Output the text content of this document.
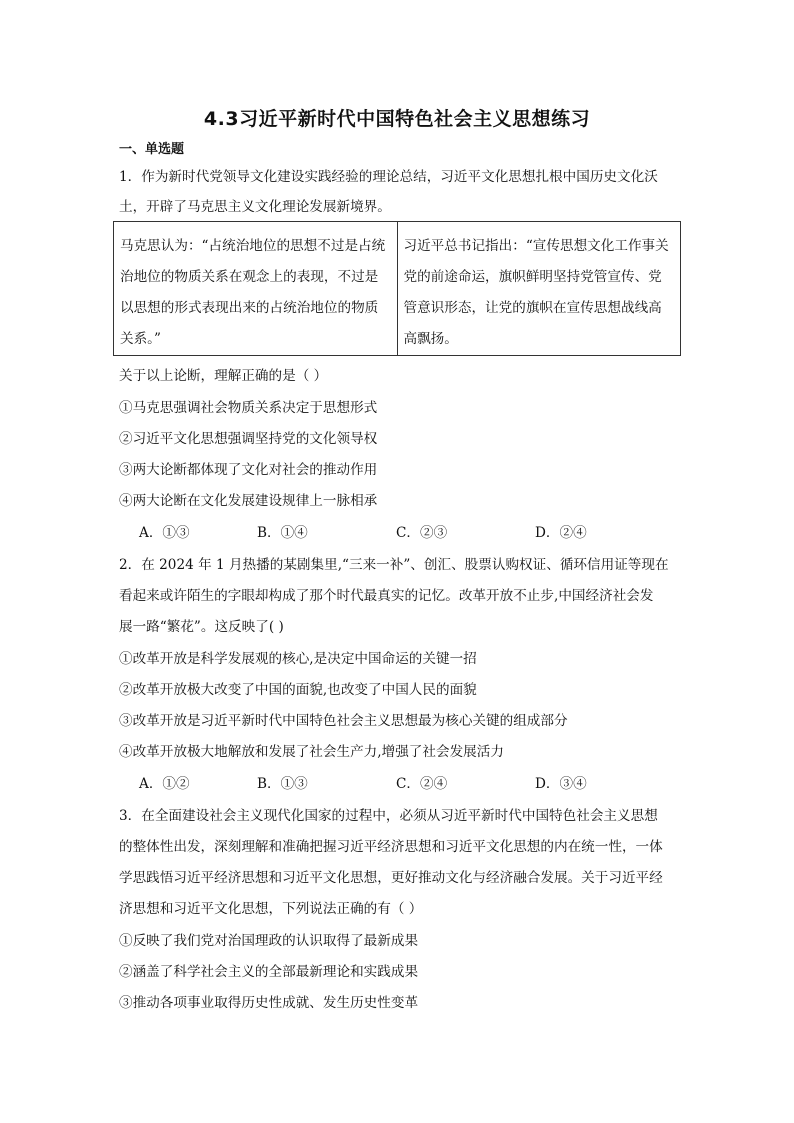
4.3习近平新时代中国特色社会主义思想练习
一、单选题
1．作为新时代党领导文化建设实践经验的理论总结，习近平文化思想扎根中国历史文化沃
土，开辟了马克思主义文化理论发展新境界。
马克思认为：“占统治地位的思想不过是占统治地位的物质关系在观念上的表现，不过是以思想的形式表现出来的占统治地位的物质关系。”	习近平总书记指出：“宣传思想文化工作事关党的前途命运，旗帜鲜明坚持党管宣传、党管意识形态，让党的旗帜在宣传思想战线高高飘扬。
关于以上论断，理解正确的是（ ）
①马克思强调社会物质关系决定于思想形式
②习近平文化思想强调坚持党的文化领导权
③两大论断都体现了文化对社会的推动作用
④两大论断在文化发展建设规律上一脉相承
A．①③	B．①④	C．②③	D．②④
2．在 2024 年 1 月热播的某剧集里,“三来一补”、创汇、股票认购权证、循环信用证等现在
看起来或许陌生的字眼却构成了那个时代最真实的记忆。改革开放不止步,中国经济社会发
展一路“繁花”。这反映了( )
①改革开放是科学发展观的核心,是决定中国命运的关键一招
②改革开放极大改变了中国的面貌,也改变了中国人民的面貌
③改革开放是习近平新时代中国特色社会主义思想最为核心关键的组成部分
④改革开放极大地解放和发展了社会生产力,增强了社会发展活力
A．①②	B．①③	C．②④	D．③④
3．在全面建设社会主义现代化国家的过程中，必须从习近平新时代中国特色社会主义思想
的整体性出发，深刻理解和准确把握习近平经济思想和习近平文化思想的内在统一性，一体
学思践悟习近平经济思想和习近平文化思想，更好推动文化与经济融合发展。关于习近平经
济思想和习近平文化思想，下列说法正确的有（ ）
①反映了我们党对治国理政的认识取得了最新成果
②涵盖了科学社会主义的全部最新理论和实践成果
③推动各项事业取得历史性成就、发生历史性变革
